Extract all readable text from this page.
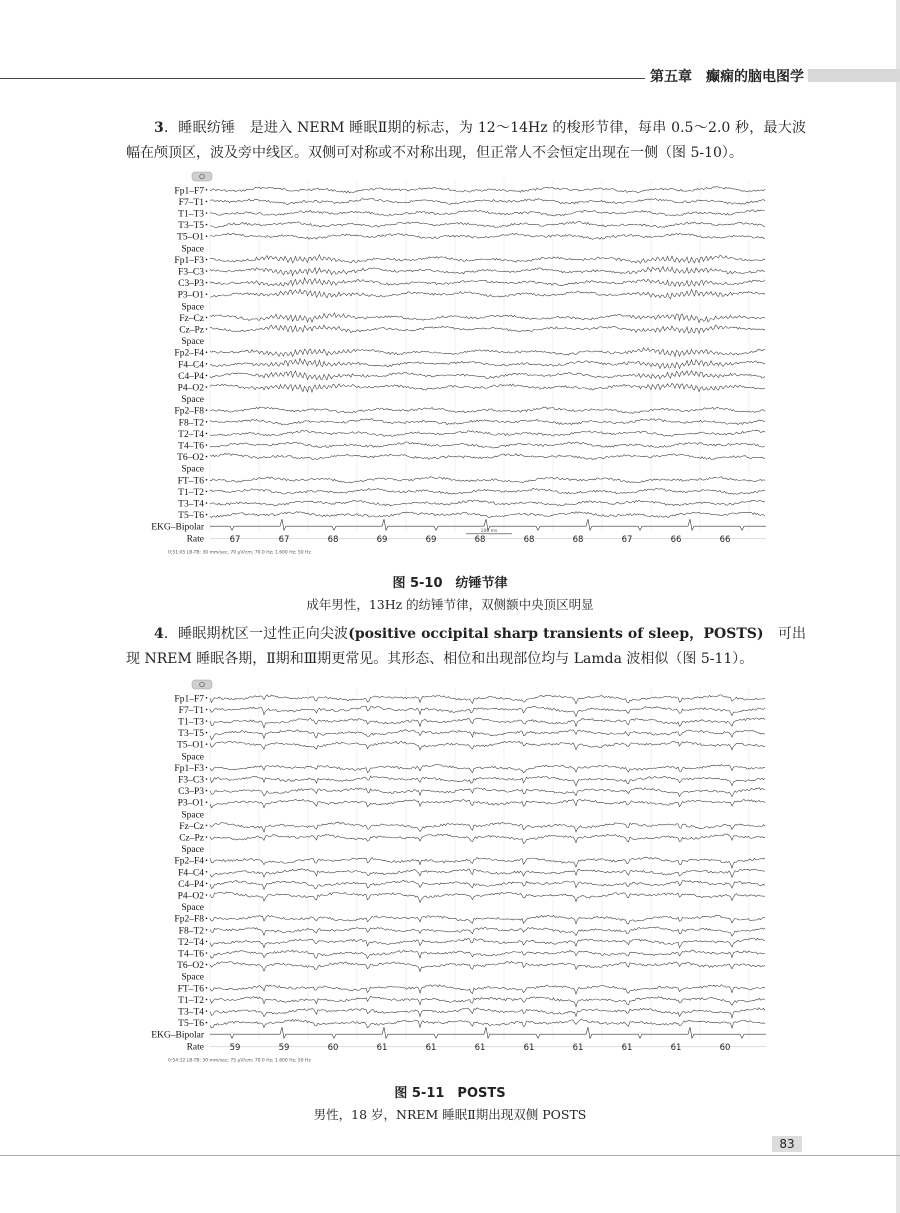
第五章　癫痫的脑电图学

3．睡眠纺锤　 是进入 NERM 睡眠Ⅱ期的标志，为 12～14Hz 的梭形节律，每串 0.5～2.0 秒，最大波幅在颅顶区，波及旁中线区。双侧可对称或不对称出现，但正常人不会恒定出现在一侧（图 5-10）。

Fp1–F7
F7–T1
T1–T3
T3–T5
T5–O1
Space
Fp1–F3
F3–C3
C3–P3
P3–O1
Space
Fz–Cz
Cz–Pz
Space
Fp2–F4
F4–C4
C4–P4
P4–O2
Space
Fp2–F8
F8–T2
T2–T4
T4–T6
T6–O2
Space
FT–T6
T1–T2
T3–T4
T5–T6
EKG–Bipolar
Rate	67	67	68	69	69	68	68	68	67	66	66
100 ms
0:51:05 LB-TB: 30 mm/sec; 70 μV/cm; 70.0 Hz; 1.600 Hz; 50 Hz
图 5-10　纺锤节律
成年男性，13Hz 的纺锤节律，双侧额中央顶区明显

4．睡眠期枕区一过性正向尖波(positive occipital sharp transients of sleep，POSTS)　 可出现 NREM 睡眠各期，Ⅱ期和Ⅲ期更常见。其形态、相位和出现部位均与 Lamda 波相似（图 5-11）。

Fp1–F7
F7–T1
T1–T3
T3–T5
T5–O1
Space
Fp1–F3
F3–C3
C3–P3
P3–O1
Space
Fz–Cz
Cz–Pz
Space
Fp2–F4
F4–C4
C4–P4
P4–O2
Space
Fp2–F8
F8–T2
T2–T4
T4–T6
T6–O2
Space
FT–T6
T1–T2
T3–T4
T5–T6
EKG–Bipolar
Rate	59	59	60	61	61	61	61	61	61	61	60
0:54:12 LB-TB: 30 mm/sec; 75 μV/cm; 70.0 Hz; 1.600 Hz; 50 Hz
图 5-11　POSTS
男性，18 岁，NREM 睡眠Ⅱ期出现双侧 POSTS
83
